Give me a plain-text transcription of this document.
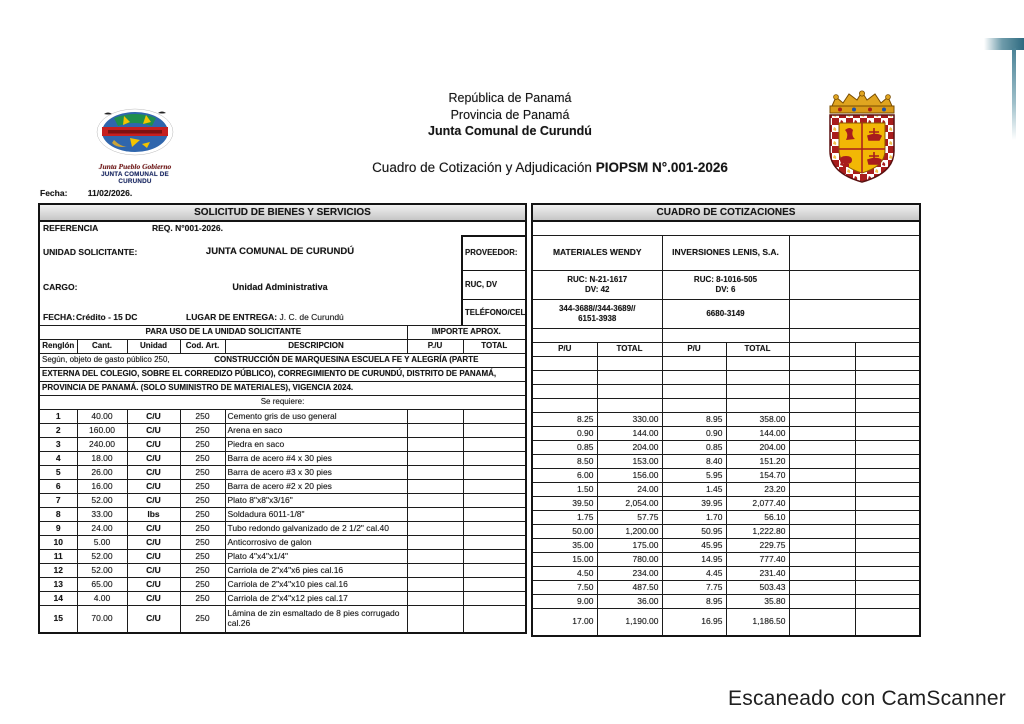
Junta Pueblo Gobierno
JUNTA COMUNAL DE CURUNDU
República de Panamá
Provincia de Panamá
Junta Comunal de Curundú
Cuadro de Cotización y Adjudicación PIOPSM N°.001-2026
Fecha: 11/02/2026.
SOLICITUD DE BIENES Y SERVICIOS						

REFERENCIA	REQ. N°001-2026.
UNIDAD SOLICITANTE:	JUNTA COMUNAL DE CURUNDÚ
CARGO:	Unidad Administrativa
FECHA: Crédito - 15 DC	LUGAR DE ENTREGA: J. C. de Curundú
PROVEEDOR:
RUC, DV
TELÉFONO/CEL

PARA USO DE LA UNIDAD SOLICITANTE					IMPORTE APROX.	
Renglón	Cant.	Unidad	Cod. Art.	DESCRIPCION	P./U	TOTAL

Según, objeto de gasto público 250, CONSTRUCCIÓN DE MARQUESINA ESCUELA FE Y ALEGRÍA (PARTE						

EXTERNA DEL COLEGIO, SOBRE EL CORREDIZO PÚBLICO), CORREGIMIENTO DE CURUNDÚ, DISTRITO DE PANAMÁ,						
PROVINCIA DE PANAMÁ. (SOLO SUMINISTRO DE MATERIALES), VIGENCIA 2024.						
Se requiere:						
1	40.00	C/U	250	Cemento gris de uso general		
2	160.00	C/U	250	Arena en saco		
3	240.00	C/U	250	Piedra en saco		
4	18.00	C/U	250	Barra de acero #4 x 30 pies		
5	26.00	C/U	250	Barra de acero #3 x 30 pies		
6	16.00	C/U	250	Barra de acero #2 x 20 pies		
7	52.00	C/U	250	Plato 8"x8"x3/16"		
8	33.00	lbs	250	Soldadura 6011-1/8"		
9	24.00	C/U	250	Tubo redondo galvanizado de 2 1/2" cal.40		
10	5.00	C/U	250	Anticorrosivo de galon		
11	52.00	C/U	250	Plato 4"x4"x1/4"		
12	52.00	C/U	250	Carriola de 2"x4"x6 pies cal.16		
13	65.00	C/U	250	Carriola de 2"x4"x10 pies cal.16		
14	4.00	C/U	250	Carriola de 2"x4"x12 pies cal.17		
15	70.00	C/U	250	Lámina de zin esmaltado de 8 pies corrugado cal.26		
CUADRO DE COTIZACIONES					

MATERIALES WENDY		INVERSIONES LENIS, S.A.			

RUC: N-21-1617
DV: 42

RUC: 8-1016-505
DV: 6

344-3688//344-3689//
6151-3938		6680-3149			

P/U	TOTAL	P/U	TOTAL		

8.25	330.00	8.95	358.00		
0.90	144.00	0.90	144.00		
0.85	204.00	0.85	204.00		
8.50	153.00	8.40	151.20		
6.00	156.00	5.95	154.70		
1.50	24.00	1.45	23.20		
39.50	2,054.00	39.95	2,077.40		
1.75	57.75	1.70	56.10		
50.00	1,200.00	50.95	1,222.80		
35.00	175.00	45.95	229.75		
15.00	780.00	14.95	777.40		
4.50	234.00	4.45	231.40		
7.50	487.50	7.75	503.43		
9.00	36.00	8.95	35.80		
17.00	1,190.00	16.95	1,186.50		
Escaneado con CamScanner
